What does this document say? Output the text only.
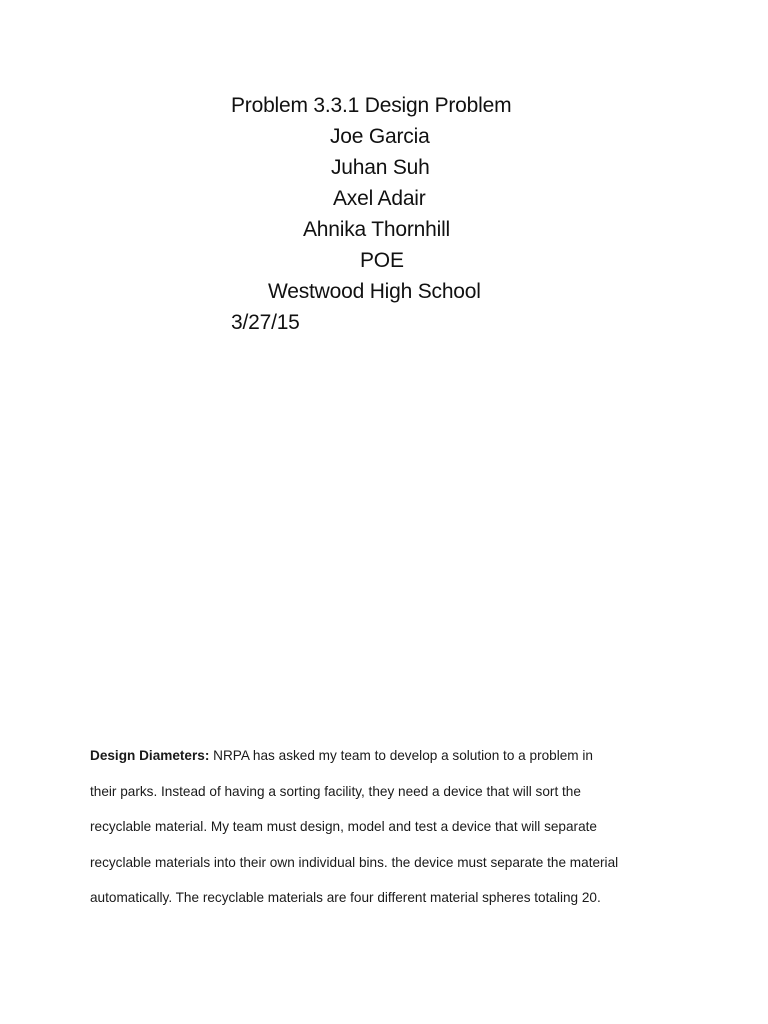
Problem 3.3.1 Design Problem
Joe Garcia
Juhan Suh
Axel Adair
Ahnika Thornhill
POE
Westwood High School
3/27/15
Design Diameters: NRPA has asked my team to develop a solution to a problem in
their parks. Instead of having a sorting facility, they need a device that will sort the
recyclable material. My team must design, model and test a device that will separate
recyclable materials into their own individual bins. the device must separate the material
automatically. The recyclable materials are four different material spheres totaling 20.
